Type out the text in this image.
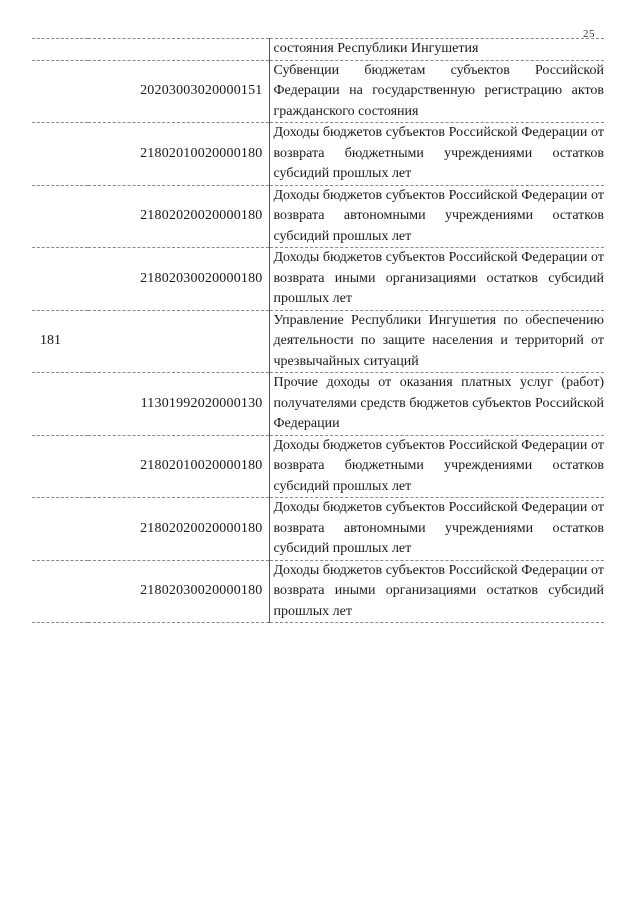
25
		состояния Республики Ингушетия
	20203003020000151	Субвенции бюджетам субъектов Российской Федерации на государственную регистрацию актов гражданского состояния
	21802010020000180	Доходы бюджетов субъектов Российской Федерации от возврата бюджетными учреждениями остатков субсидий прошлых лет
	21802020020000180	Доходы бюджетов субъектов Российской Федерации от возврата автономными учреждениями остатков субсидий прошлых лет
	21802030020000180	Доходы бюджетов субъектов Российской Федерации от возврата иными организациями остатков субсидий прошлых лет
181		Управление Республики Ингушетия по обеспечению деятельности по защите населения и территорий от чрезвычайных ситуаций
	11301992020000130	Прочие доходы от оказания платных услуг (работ) получателями средств бюджетов субъектов Российской Федерации
	21802010020000180	Доходы бюджетов субъектов Российской Федерации от возврата бюджетными учреждениями остатков субсидий прошлых лет
	21802020020000180	Доходы бюджетов субъектов Российской Федерации от возврата автономными учреждениями остатков субсидий прошлых лет
	21802030020000180	Доходы бюджетов субъектов Российской Федерации от возврата иными организациями остатков субсидий прошлых лет
